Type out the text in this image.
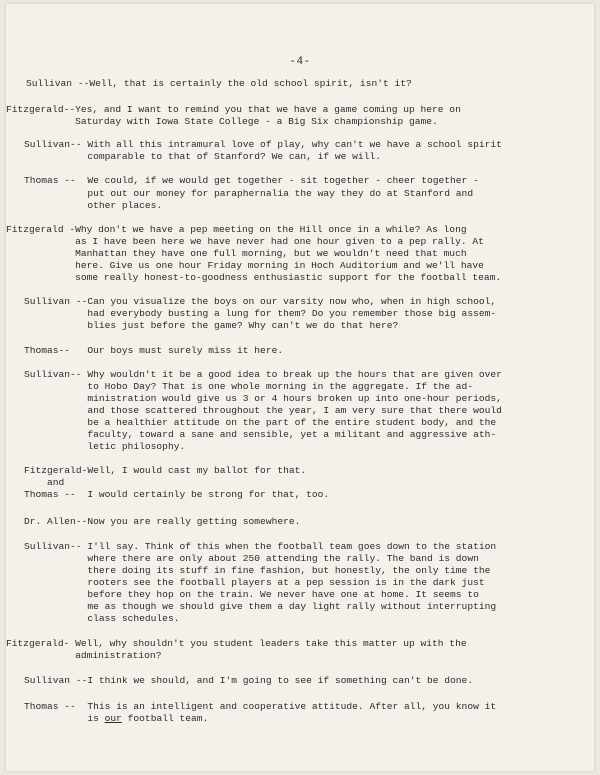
-4-
Sullivan -- Well, that is certainly the old school spirit, isn't it?
Fitzgerald-- Yes, and I want to remind you that we have a game coming up here on
Saturday with Iowa State College - a Big Six championship game.
Sullivan-- With all this intramural love of play, why can't we have a school spirit
comparable to that of Stanford? We can, if we will.
Thomas -- We could, if we would get together - sit together - cheer together -
put out our money for paraphernalia the way they do at Stanford and
other places.
Fitzgerald - Why don't we have a pep meeting on the Hill once in a while? As long
as I have been here we have never had one hour given to a pep rally. At
Manhattan they have one full morning, but we wouldn't need that much
here. Give us one hour Friday morning in Hoch Auditorium and we'll have
some really honest-to-goodness enthusiastic support for the football team.
Sullivan -- Can you visualize the boys on our varsity now who, when in high school,
had everybody busting a lung for them? Do you remember those big assem-
blies just before the game? Why can't we do that here?
Thomas-- Our boys must surely miss it here.
Sullivan-- Why wouldn't it be a good idea to break up the hours that are given over
to Hobo Day? That is one whole morning in the aggregate. If the ad-
ministration would give us 3 or 4 hours broken up into one-hour periods,
and those scattered throughout the year, I am very sure that there would
be a healthier attitude on the part of the entire student body, and the
faculty, toward a sane and sensible, yet a militant and aggressive ath-
letic philosophy.
Fitzgerald- Well, I would cast my ballot for that.
and
Thomas -- I would certainly be strong for that, too.
Dr. Allen-- Now you are really getting somewhere.
Sullivan-- I'll say. Think of this when the football team goes down to the station
where there are only about 250 attending the rally. The band is down
there doing its stuff in fine fashion, but honestly, the only time the
rooters see the football players at a pep session is in the dark just
before they hop on the train. We never have one at home. It seems to
me as though we should give them a day light rally without interrupting
class schedules.
Fitzgerald- Well, why shouldn't you student leaders take this matter up with the
administration?
Sullivan -- I think we should, and I'm going to see if something can't be done.
Thomas -- This is an intelligent and cooperative attitude. After all, you know it
is our football team.
